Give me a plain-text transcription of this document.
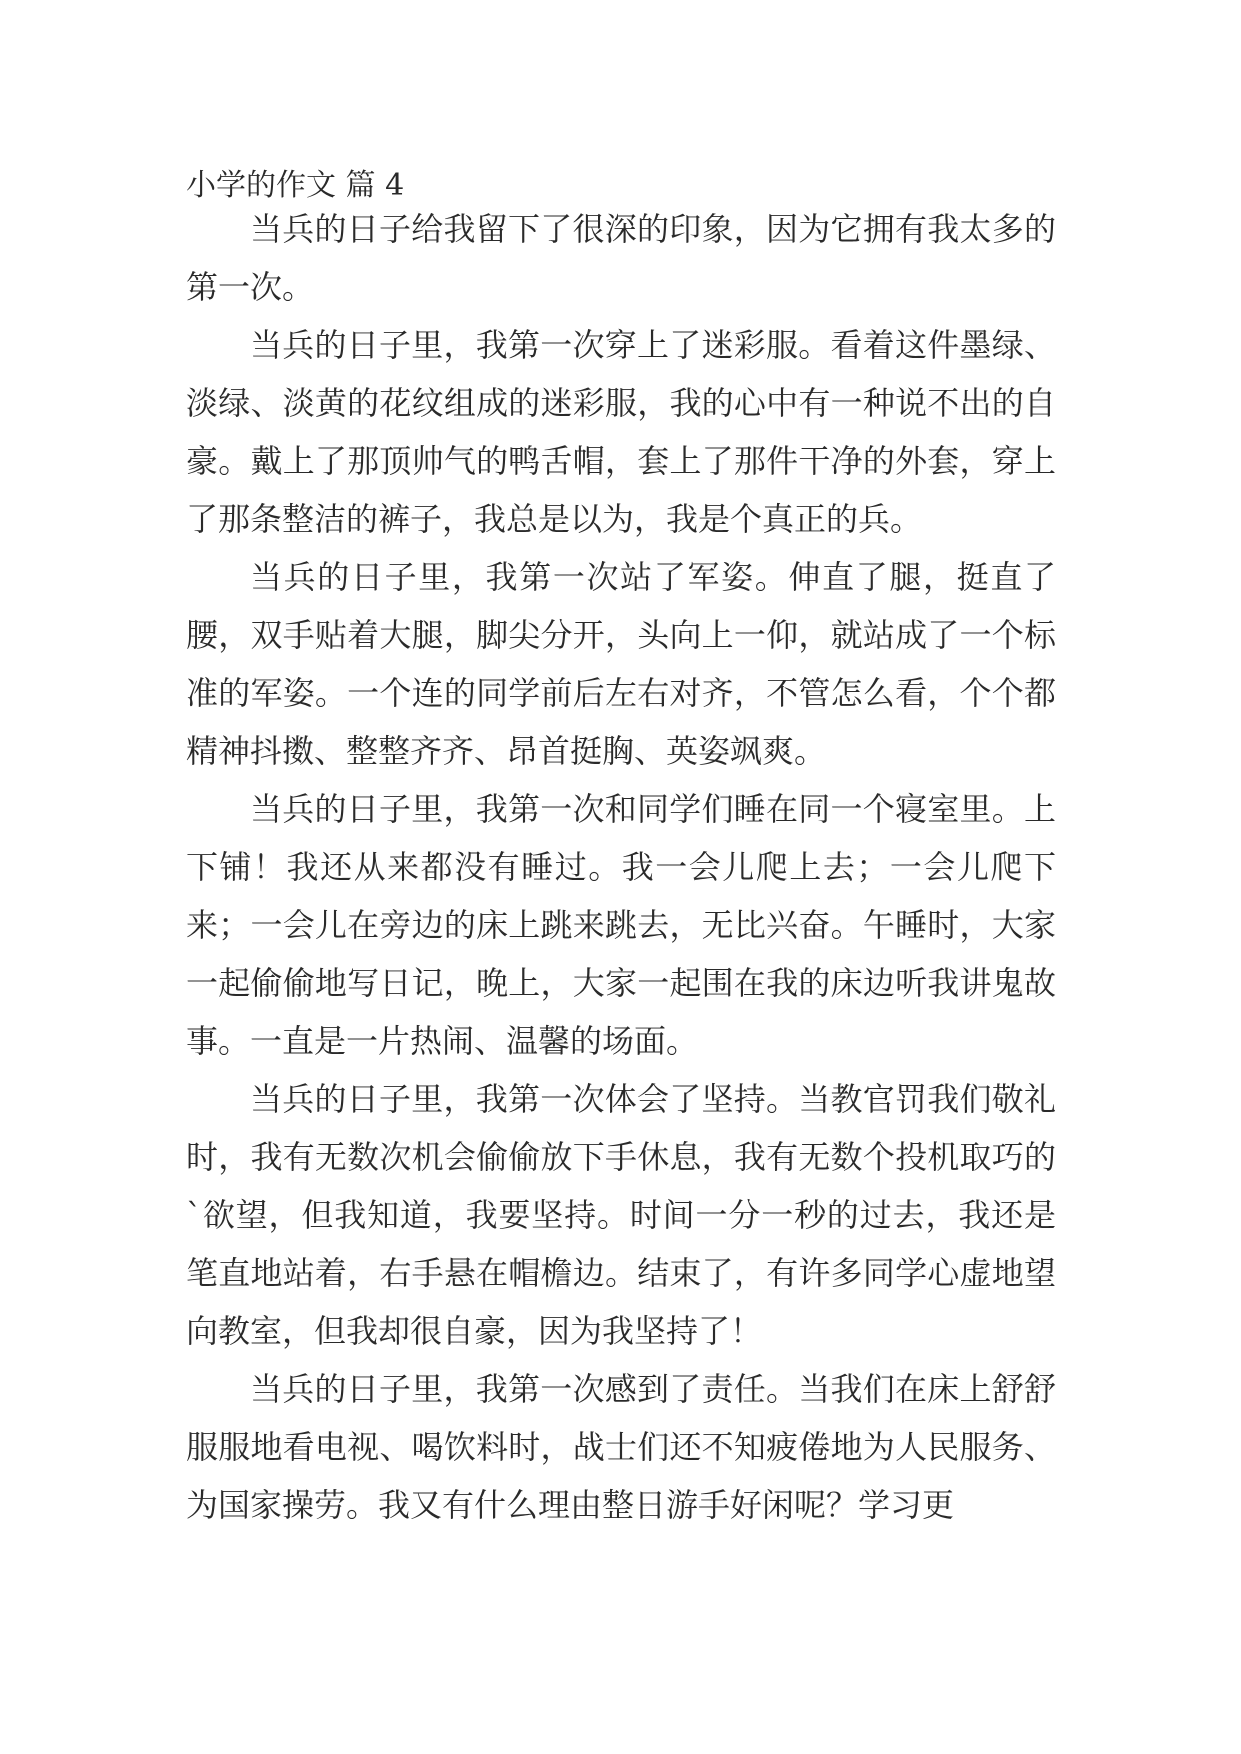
小学的作文 篇 4

当兵的日子给我留下了很深的印象，因为它拥有我太多的第一次。

当兵的日子里，我第一次穿上了迷彩服。看着这件墨绿、淡绿、淡黄的花纹组成的迷彩服，我的心中有一种说不出的自豪。戴上了那顶帅气的鸭舌帽，套上了那件干净的外套，穿上了那条整洁的裤子，我总是以为，我是个真正的兵。

当兵的日子里，我第一次站了军姿。伸直了腿，挺直了腰，双手贴着大腿，脚尖分开，头向上一仰，就站成了一个标准的军姿。一个连的同学前后左右对齐，不管怎么看，个个都精神抖擞、整整齐齐、昂首挺胸、英姿飒爽。

当兵的日子里，我第一次和同学们睡在同一个寝室里。上下铺！我还从来都没有睡过。我一会儿爬上去；一会儿爬下来；一会儿在旁边的床上跳来跳去，无比兴奋。午睡时，大家一起偷偷地写日记，晚上，大家一起围在我的床边听我讲鬼故事。一直是一片热闹、温馨的场面。

当兵的日子里，我第一次体会了坚持。当教官罚我们敬礼时，我有无数次机会偷偷放下手休息，我有无数个投机取巧的`欲望，但我知道，我要坚持。时间一分一秒的过去，我还是笔直地站着，右手悬在帽檐边。结束了，有许多同学心虚地望向教室，但我却很自豪，因为我坚持了！

当兵的日子里，我第一次感到了责任。当我们在床上舒舒服服地看电视、喝饮料时，战士们还不知疲倦地为人民服务、为国家操劳。我又有什么理由整日游手好闲呢？学习更
